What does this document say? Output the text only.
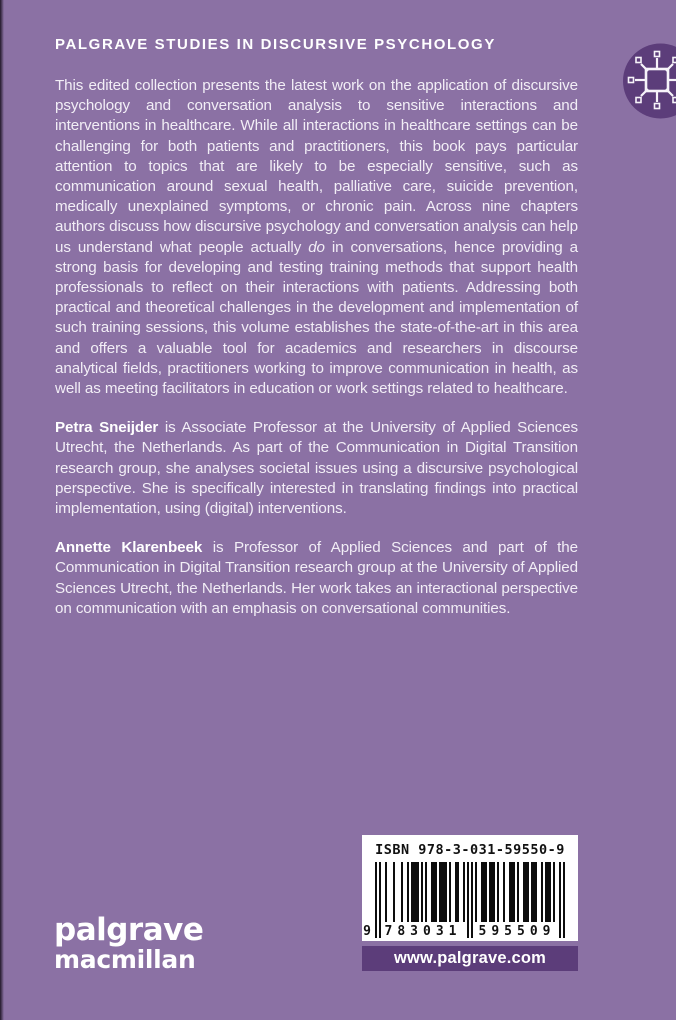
PALGRAVE STUDIES IN DISCURSIVE PSYCHOLOGY

This edited collection presents the latest work on the application of discursive psychology and conversation analysis to sensitive interactions and interventions in healthcare. While all interactions in healthcare settings can be challenging for both patients and practitioners, this book pays particular attention to topics that are likely to be especially sensitive, such as communication around sexual health, palliative care, suicide prevention, medically unexplained symptoms, or chronic pain. Across nine chapters authors discuss how discursive psychology and conversation analysis can help us understand what people actually do in conversations, hence providing a strong basis for developing and testing training methods that support health professionals to reflect on their interactions with patients. Addressing both practical and theoretical challenges in the development and implementation of such training sessions, this volume establishes the state-of-the-art in this area and offers a valuable tool for academics and researchers in discourse analytical fields, practitioners working to improve communication in health, as well as meeting facilitators in education or work settings related to healthcare.

Petra Sneijder is Associate Professor at the University of Applied Sciences Utrecht, the Netherlands. As part of the Communication in Digital Transition research group, she analyses societal issues using a discursive psychological perspective. She is specifically interested in translating findings into practical implementation, using (digital) interventions.

Annette Klarenbeek is Professor of Applied Sciences and part of the Communication in Digital Transition research group at the University of Applied Sciences Utrecht, the Netherlands. Her work takes an interactional perspective on communication with an emphasis on conversational communities.

ISBN 978-3-031-59550-9
9 783031 595509
www.palgrave.com
palgrave
macmillan
